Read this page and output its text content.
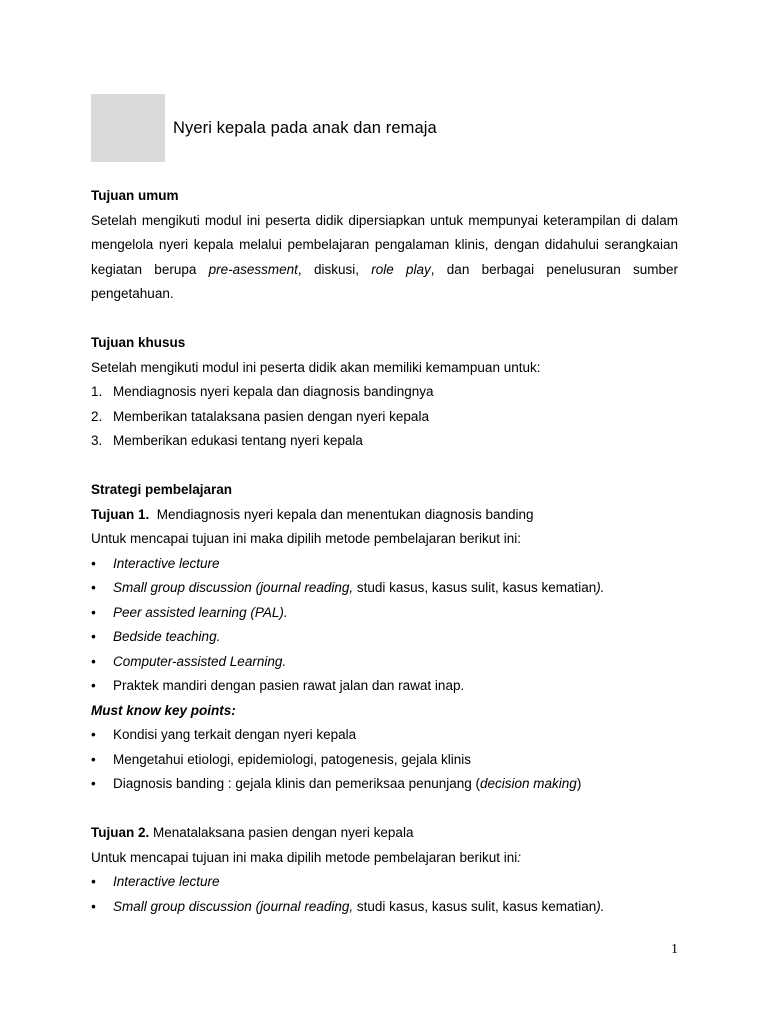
Nyeri kepala pada anak dan remaja
Tujuan umum
Setelah mengikuti modul ini peserta didik dipersiapkan untuk mempunyai keterampilan di dalam
mengelola nyeri kepala melalui pembelajaran pengalaman klinis, dengan didahului serangkaian
kegiatan berupa pre-asessment, diskusi, role play, dan berbagai penelusuran sumber
pengetahuan.
Tujuan khusus
Setelah mengikuti modul ini peserta didik akan memiliki kemampuan untuk:
1. Mendiagnosis nyeri kepala dan diagnosis bandingnya
2. Memberikan tatalaksana pasien dengan nyeri kepala
3. Memberikan edukasi tentang nyeri kepala
Strategi pembelajaran
Tujuan 1.  Mendiagnosis nyeri kepala dan menentukan diagnosis banding
Untuk mencapai tujuan ini maka dipilih metode pembelajaran berikut ini:
• Interactive lecture
• Small group discussion (journal reading, studi kasus, kasus sulit, kasus kematian).
• Peer assisted learning (PAL).
• Bedside teaching.
• Computer-assisted Learning.
• Praktek mandiri dengan pasien rawat jalan dan rawat inap.
Must know key points:
• Kondisi yang terkait dengan nyeri kepala
• Mengetahui etiologi, epidemiologi, patogenesis, gejala klinis
• Diagnosis banding : gejala klinis dan pemeriksaa penunjang (decision making)
Tujuan 2. Menatalaksana pasien dengan nyeri kepala
Untuk mencapai tujuan ini maka dipilih metode pembelajaran berikut ini:
• Interactive lecture
• Small group discussion (journal reading, studi kasus, kasus sulit, kasus kematian).
1
